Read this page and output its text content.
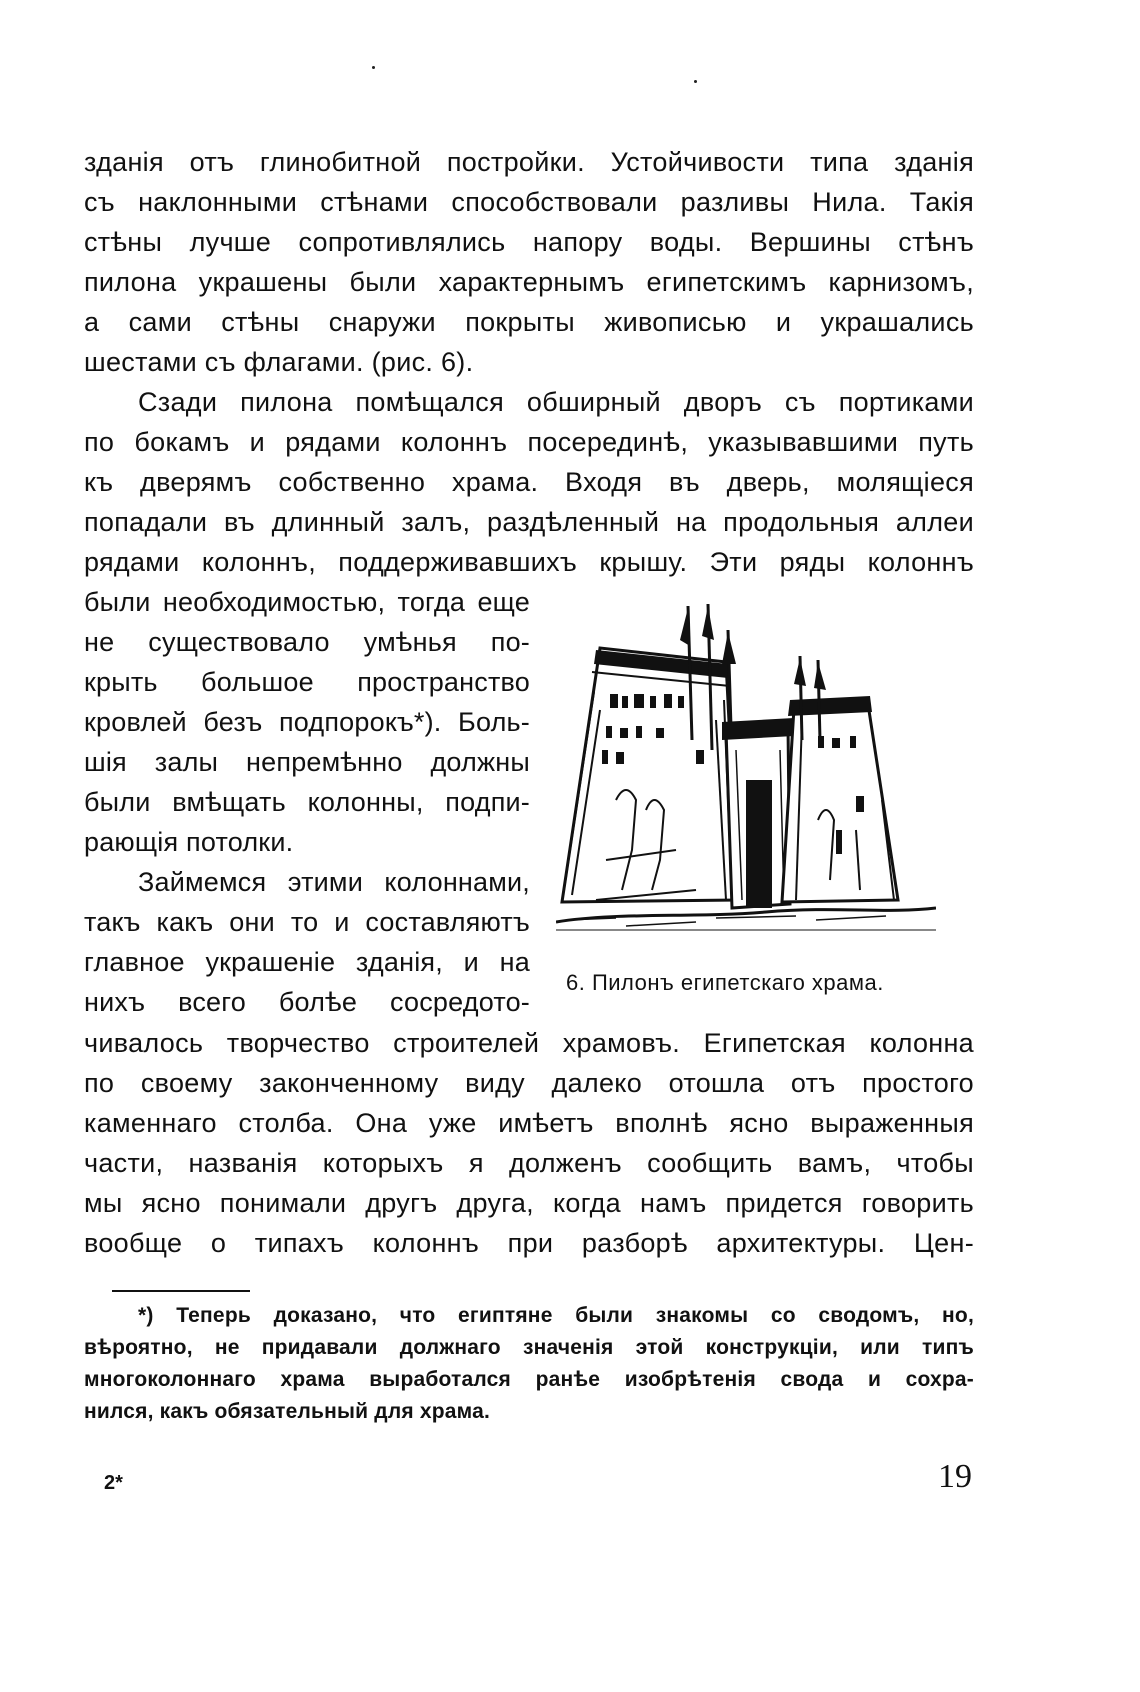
зданія отъ глинобитной постройки. Устойчивости типа зданія
съ наклонными стѣнами способствовали разливы Нила. Такія
стѣны лучше сопротивлялись напору воды. Вершины стѣнъ
пилона украшены были характернымъ египетскимъ карнизомъ,
а сами стѣны снаружи покрыты живописью и украшались
шестами съ флагами. (рис. 6).
Сзади пилона помѣщался обширный дворъ съ портиками
по бокамъ и рядами колоннъ посерединѣ, указывавшими путь
къ дверямъ собственно храма. Входя въ дверь, молящіеся
попадали въ длинный залъ, раздѣленный на продольныя аллеи
рядами колоннъ, поддерживавшихъ крышу. Эти ряды колоннъ
были необходимостью, тогда еще
не существовало умѣнья по-
крыть большое пространство
кровлей безъ подпорокъ*). Боль-
шія залы непремѣнно должны
были вмѣщать колонны, подпи-
рающія потолки.
Займемся этими колоннами,
такъ какъ они то и составляютъ
главное украшеніе зданія, и на
нихъ всего болѣе сосредото-
6. Пилонъ египетскаго храма.
чивалось творчество строителей храмовъ. Египетская колонна
по своему законченному виду далеко отошла отъ простого
каменнаго столба. Она уже имѣетъ вполнѣ ясно выраженныя
части, названія которыхъ я долженъ сообщить вамъ, чтобы
мы ясно понимали другъ друга, когда намъ придется говорить
вообще о типахъ колоннъ при разборѣ архитектуры. Цен-
*) Теперь доказано, что египтяне были знакомы со сводомъ, но,
вѣроятно, не придавали должнаго значенія этой конструкціи, или типъ
многоколоннаго храма выработался ранѣе изобрѣтенія свода и сохра-
нился, какъ обязательный для храма.
2*	19
